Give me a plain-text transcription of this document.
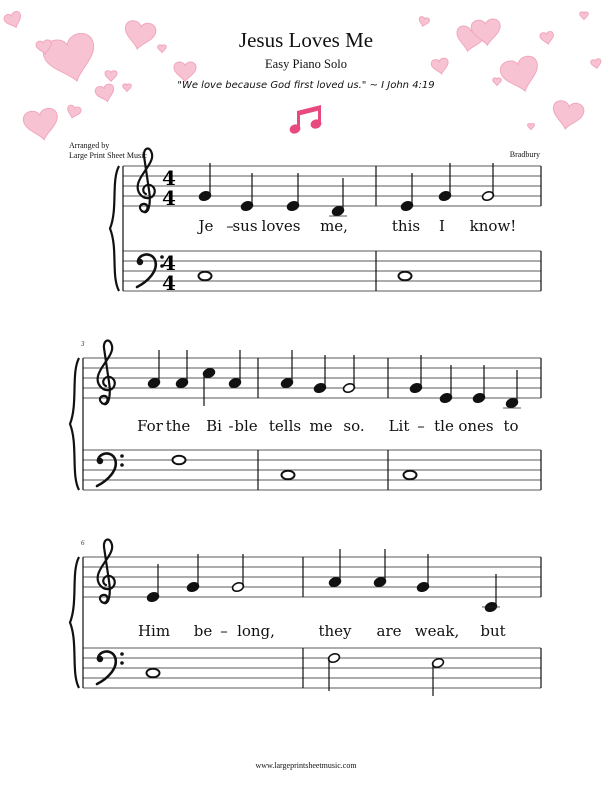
Jesus Loves Me
Easy Piano Solo
"We love because God first loved us." ~ I John 4:19
Arranged by
Large Print Sheet Music	Bradbury
4
4
4
4
Je –
sus loves me,	this I know!
3
For the Bi - ble tells me so. Lit – tle ones to
6
Him be – long,	they are weak, but
www.largeprintsheetmusic.com
